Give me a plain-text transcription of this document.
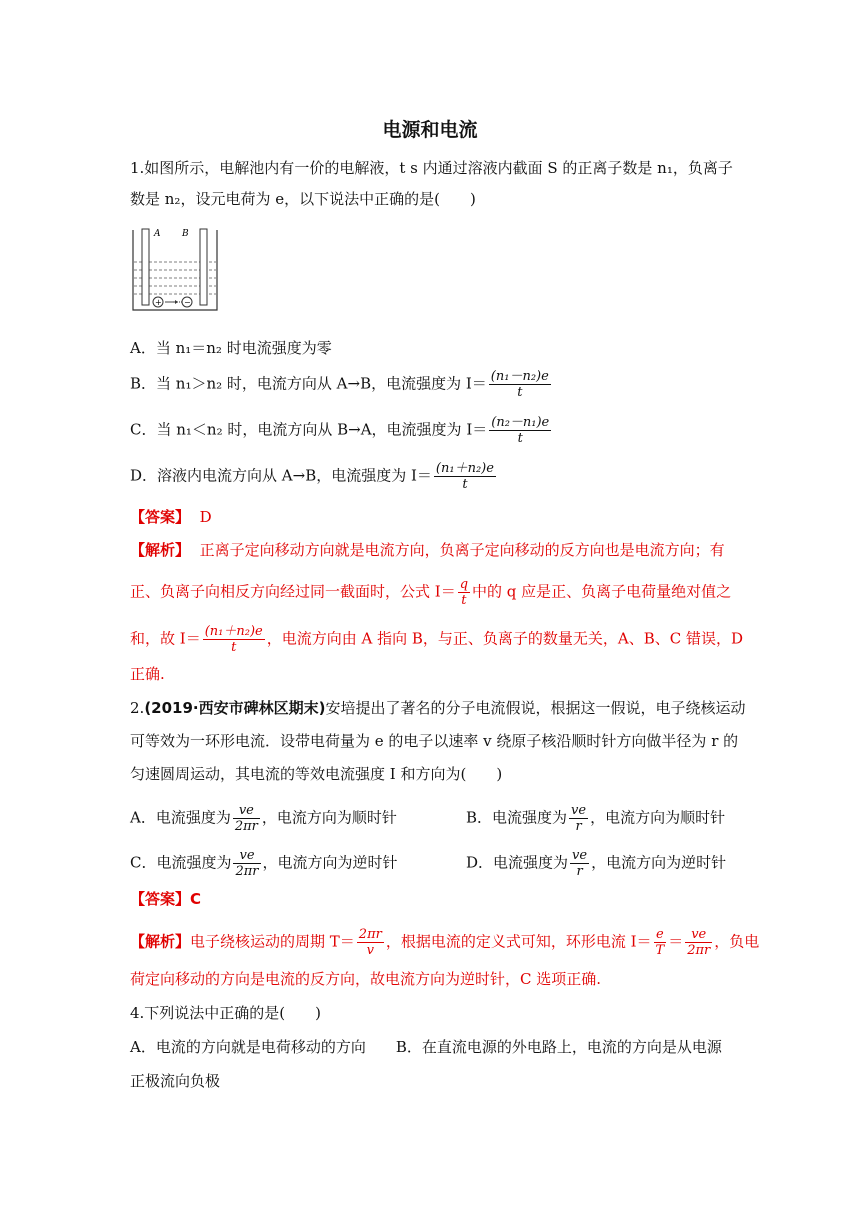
电源和电流
1.如图所示，电解池内有一价的电解液，t s 内通过溶液内截面 S 的正离子数是 n₁，负离子
数是 n₂，设元电荷为 e，以下说法中正确的是(　　)
A B
+	−
A．当 n₁＝n₂ 时电流强度为零
B．当 n₁＞n₂ 时，电流方向从 A→B，电流强度为 $I= \frac{\text{(n₁－n₂)e}}{t}$
C．当 n₁＜n₂ 时，电流方向从 B→A，电流强度为 $I= \frac{\text{(n₂－n₁)e}}{t}$
D．溶液内电流方向从 A→B，电流强度为 $I= \frac{\text{(n₁＋n₂)e}}{t}$
【答案】 D
【解析】 正离子定向移动方向就是电流方向，负离子定向移动的反方向也是电流方向；有
正、负离子向相反方向经过同一截面时，公式 $I= \frac{q}{t}$ 中的 q 应是正、负离子电荷量绝对值之
和，故 $I= \frac{\text{(n₁＋n₂)e}}{t}$ ，电流方向由 A 指向 B，与正、负离子的数量无关，A、B、C 错误，D
正确.
2.(2019·西安市碑林区期末)安培提出了著名的分子电流假说，根据这一假说，电子绕核运动
可等效为一环形电流．设带电荷量为 e 的电子以速率 v 绕原子核沿顺时针方向做半径为 r 的
匀速圆周运动，其电流的等效电流强度 I 和方向为(　　)
A．电流强度为 $\frac{ve}{2\pi r}$ ，电流方向为顺时针	B．电流强度为 $\frac{ve}{r}$ ，电流方向为顺时针
C．电流强度为 $\frac{ve}{2\pi r}$ ，电流方向为逆时针	D．电流强度为 $\frac{ve}{r}$ ，电流方向为逆时针
【答案】C
【解析】电子绕核运动的周期 $T= \frac{2\pi r}{v}$ ，根据电流的定义式可知，环形电流 $I= \frac{e}{T} = \frac{ve}{2\pi r}$ ，负电
荷定向移动的方向是电流的反方向，故电流方向为逆时针，C 选项正确.
4.下列说法中正确的是(　　)
A．电流的方向就是电荷移动的方向　　B．在直流电源的外电路上，电流的方向是从电源
正极流向负极
